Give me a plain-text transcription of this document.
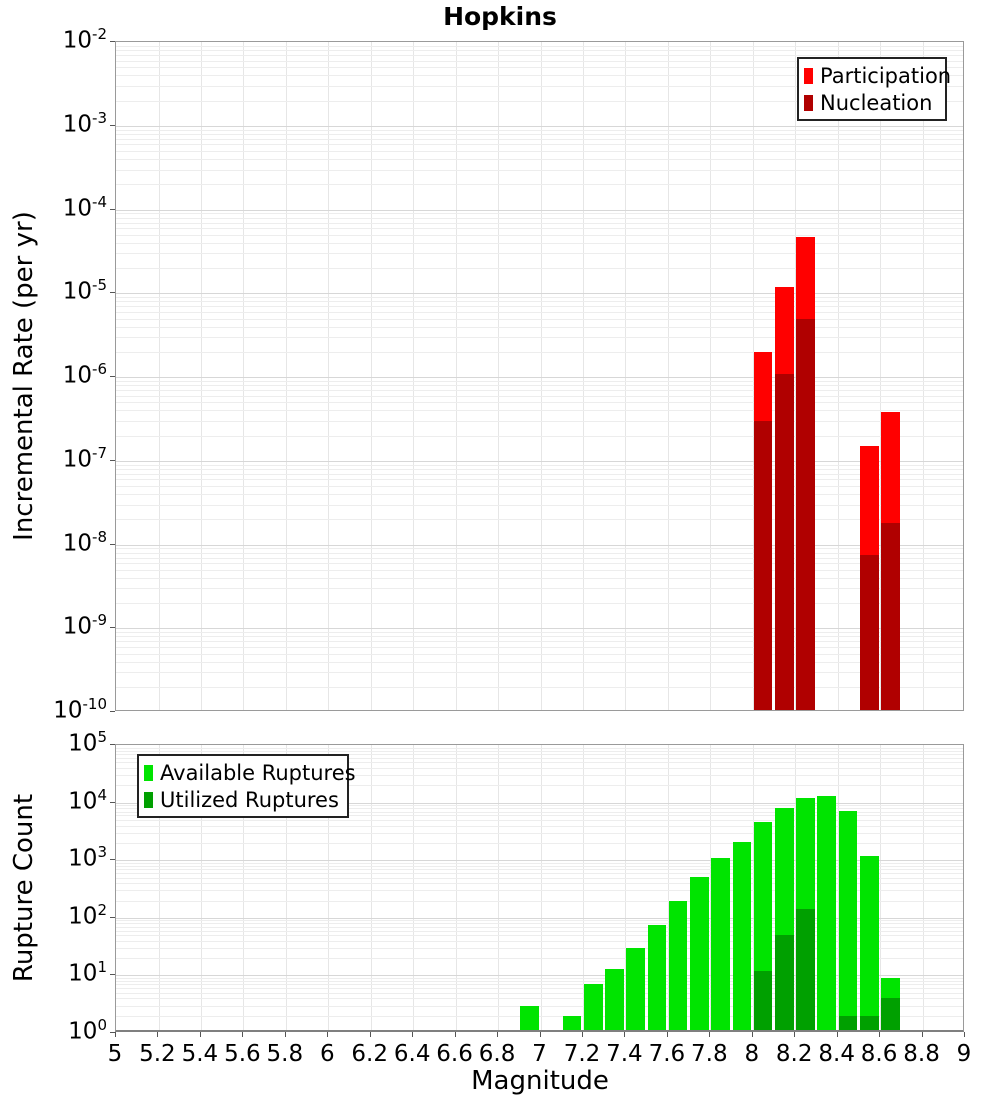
Hopkins
Incremental Rate (per yr)
Rupture Count
Participation
Nucleation
Available Ruptures
Utilized Ruptures
Magnitude
$10^{-2}$
$10^{-3}$
$10^{-4}$
$10^{-5}$
$10^{-6}$
$10^{-7}$
$10^{-8}$
$10^{-9}$
$10^{-10}$
$10^5$
$10^4$
$10^3$
$10^2$
$10^1$
$10^0$
5 5.2 5.4 5.6 5.8 6 6.2 6.4 6.6 6.8 7 7.2 7.4 7.6 7.8 8 8.2 8.4 8.6 8.8 9
